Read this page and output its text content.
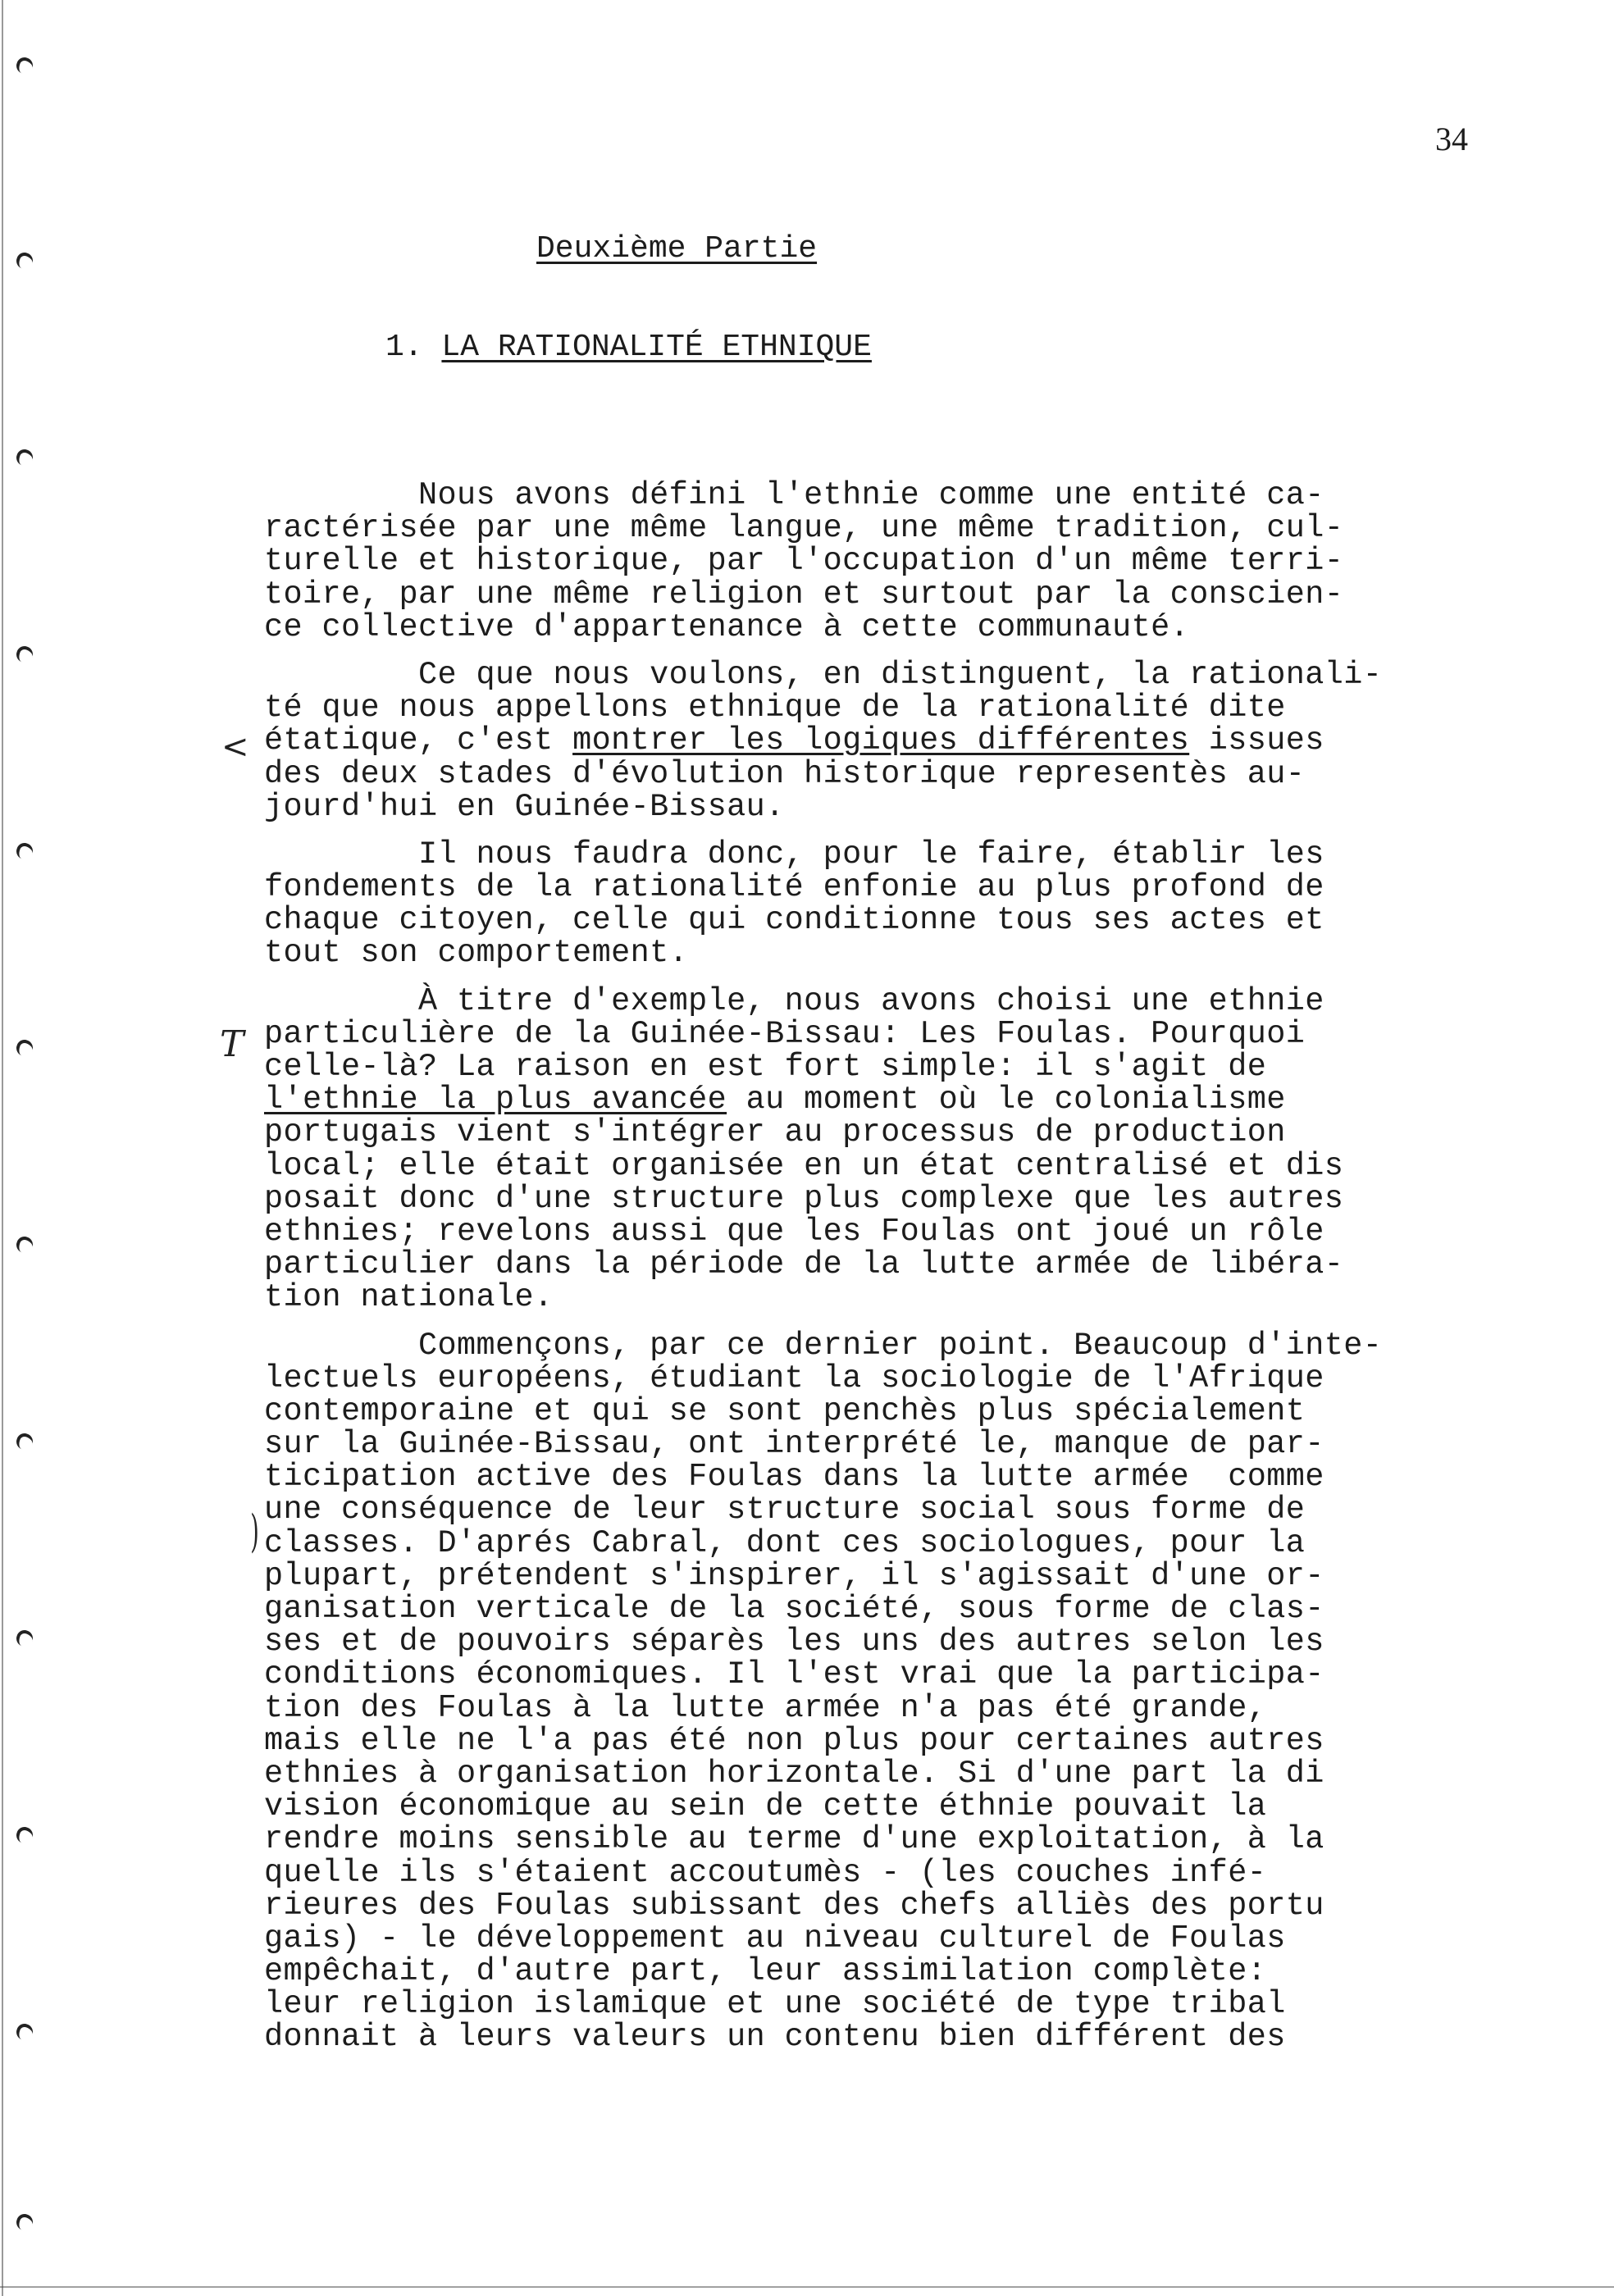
34
Deuxième Partie
1. LA RATIONALITÉ ETHNIQUE
<
T
)
Nous avons défini l'ethnie comme une entité ca-
ractérisée par une même langue, une même tradition, cul-
turelle et historique, par l'occupation d'un même terri-
toire, par une même religion et surtout par la conscien-
ce collective d'appartenance à cette communauté.
Ce que nous voulons, en distinguent, la rationali-
té que nous appellons ethnique de la rationalité dite
étatique, c'est montrer les logiques différentes issues
des deux stades d'évolution historique representès au-
jourd'hui en Guinée-Bissau.
Il nous faudra donc, pour le faire, établir les
fondements de la rationalité enfonie au plus profond de
chaque citoyen, celle qui conditionne tous ses actes et
tout son comportement.
À titre d'exemple, nous avons choisi une ethnie
particulière de la Guinée-Bissau: Les Foulas. Pourquoi
celle-là? La raison en est fort simple: il s'agit de
l'ethnie la plus avancée au moment où le colonialisme
portugais vient s'intégrer au processus de production
local; elle était organisée en un état centralisé et dis
posait donc d'une structure plus complexe que les autres
ethnies; revelons aussi que les Foulas ont joué un rôle
particulier dans la période de la lutte armée de libéra-
tion nationale.
Commençons, par ce dernier point. Beaucoup d'inte-
lectuels européens, étudiant la sociologie de l'Afrique
contemporaine et qui se sont penchès plus spécialement
sur la Guinée-Bissau, ont interprété le, manque de par-
ticipation active des Foulas dans la lutte armée  comme
une conséquence de leur structure social sous forme de
classes. D'aprés Cabral, dont ces sociologues, pour la
plupart, prétendent s'inspirer, il s'agissait d'une or-
ganisation verticale de la société, sous forme de clas-
ses et de pouvoirs séparès les uns des autres selon les
conditions économiques. Il l'est vrai que la participa-
tion des Foulas à la lutte armée n'a pas été grande,
mais elle ne l'a pas été non plus pour certaines autres
ethnies à organisation horizontale. Si d'une part la di
vision économique au sein de cette éthnie pouvait la
rendre moins sensible au terme d'une exploitation, à la
quelle ils s'étaient accoutumès - (les couches infé-
rieures des Foulas subissant des chefs alliès des portu
gais) - le développement au niveau culturel de Foulas
empêchait, d'autre part, leur assimilation complète:
leur religion islamique et une société de type tribal
donnait à leurs valeurs un contenu bien différent des
